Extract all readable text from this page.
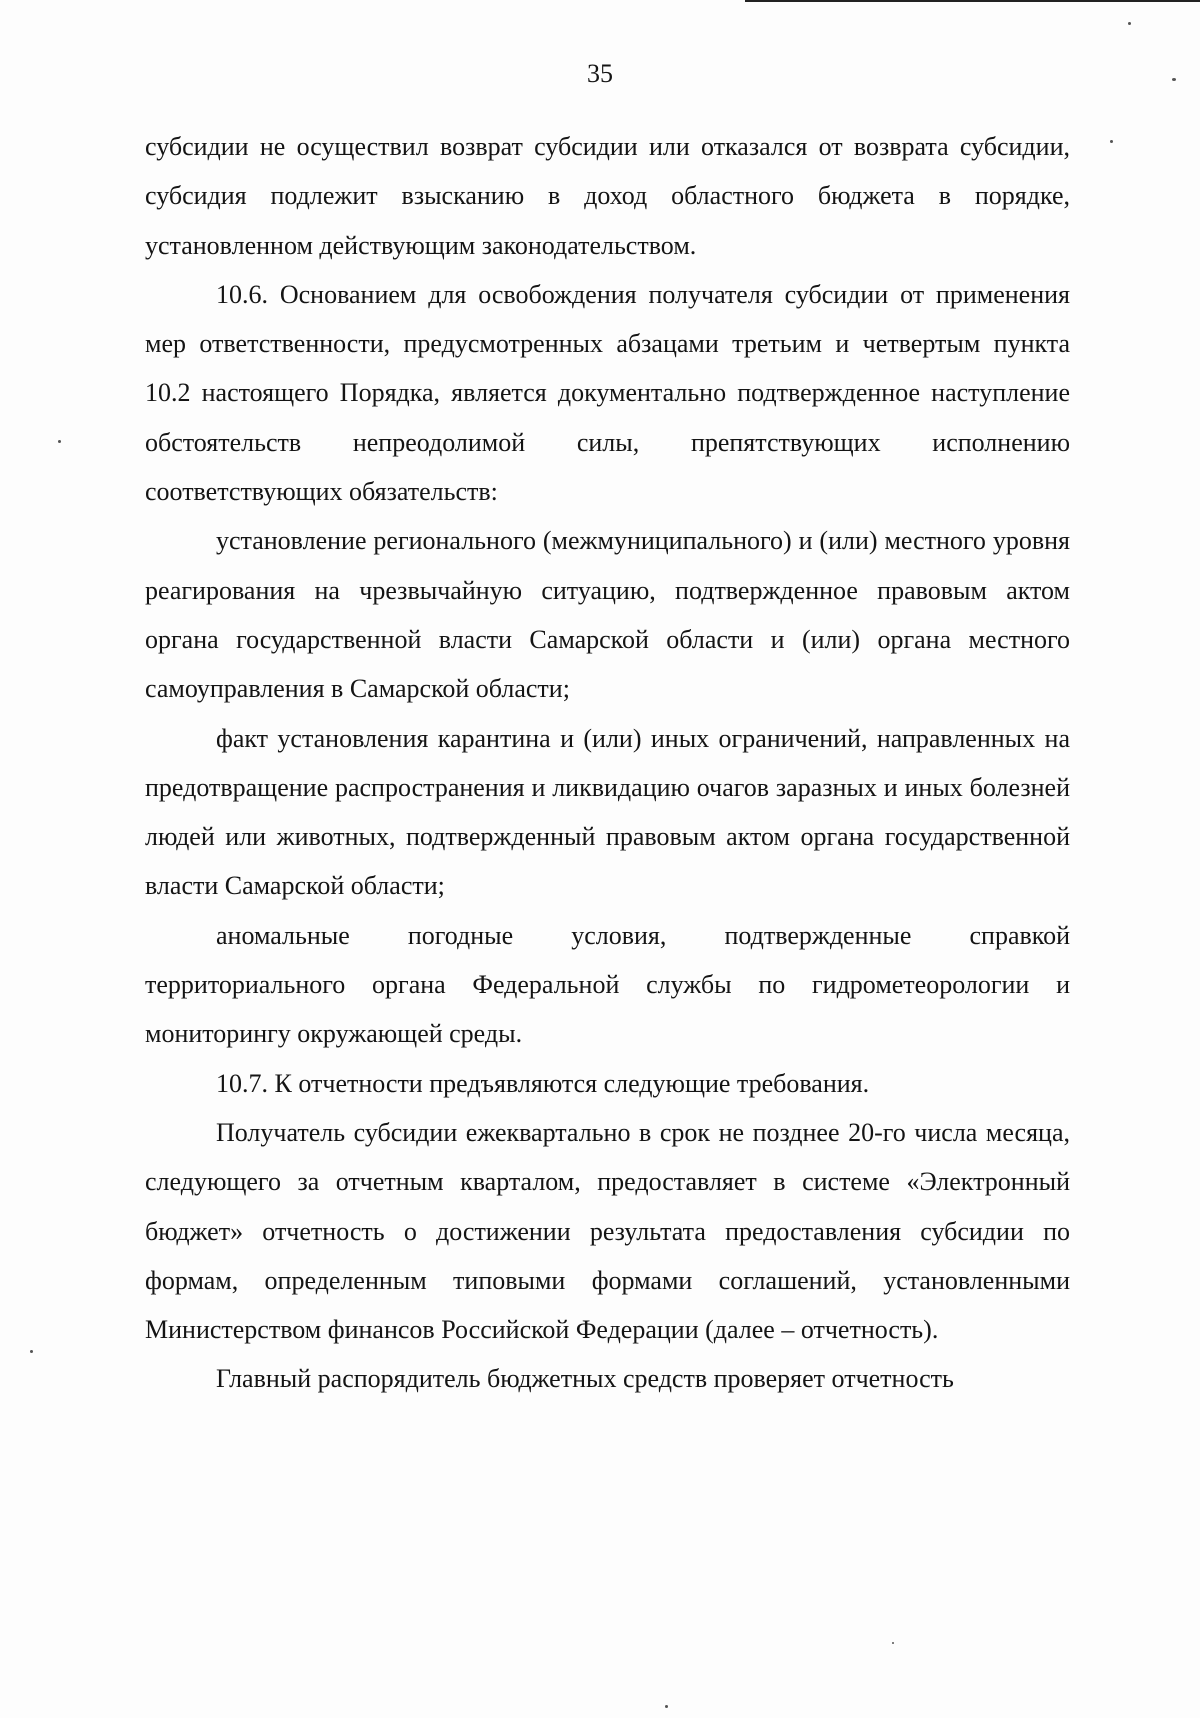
35

субсидии не осуществил возврат субсидии или отказался от возврата субсидии, субсидия подлежит взысканию в доход областного бюджета в порядке, установленном действующим законодательством.

10.6. Основанием для освобождения получателя субсидии от применения мер ответственности, предусмотренных абзацами третьим и четвертым пункта 10.2 настоящего Порядка, является документально подтвержденное наступление обстоятельств непреодолимой силы, препятствующих исполнению соответствующих обязательств:

установление регионального (межмуниципального) и (или) местного уровня реагирования на чрезвычайную ситуацию, подтвержденное правовым актом органа государственной власти Самарской области и (или) органа местного самоуправления в Самарской области;

факт установления карантина и (или) иных ограничений, направленных на предотвращение распространения и ликвидацию очагов заразных и иных болезней людей или животных, подтвержденный правовым актом органа государственной власти Самарской области;

аномальные погодные условия, подтвержденные справкой территориального органа Федеральной службы по гидрометеорологии и мониторингу окружающей среды.

10.7. К отчетности предъявляются следующие требования.

Получатель субсидии ежеквартально в срок не позднее 20-го числа месяца, следующего за отчетным кварталом, предоставляет в системе «Электронный бюджет» отчетность о достижении результата предоставления субсидии по формам, определенным типовыми формами соглашений, установленными Министерством финансов Российской Федерации (далее – отчетность).

Главный распорядитель бюджетных средств проверяет отчетность
